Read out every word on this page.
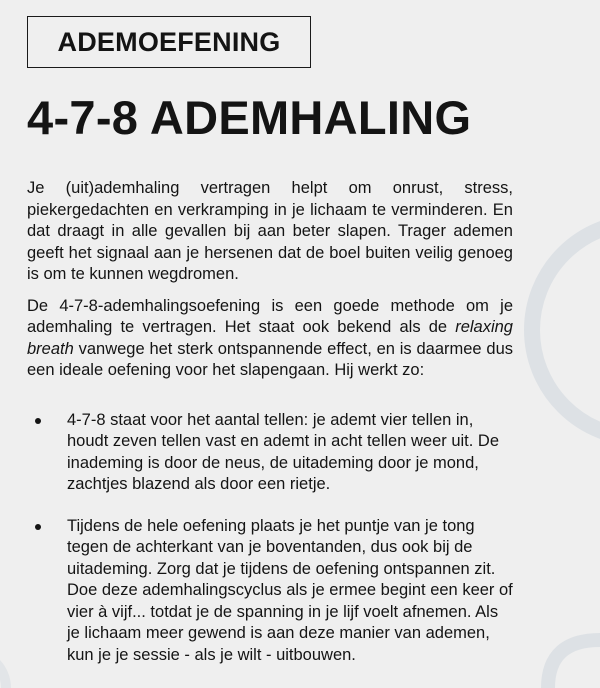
ADEMOEFENING
4-7-8 ADEMHALING

Je (uit)ademhaling vertragen helpt om onrust, stress, piekergedachten en verkramping in je lichaam te verminderen. En dat draagt in alle gevallen bij aan beter slapen. Trager ademen geeft het signaal aan je hersenen dat de boel buiten veilig genoeg is om te kunnen wegdromen.

De 4-7-8-ademhalingsoefening is een goede methode om je ademhaling te vertragen. Het staat ook bekend als de relaxing breath vanwege het sterk ontspannende effect, en is daarmee dus een ideale oefening voor het slapengaan. Hij werkt zo:

4-7-8 staat voor het aantal tellen: je ademt vier tellen in, houdt zeven tellen vast en ademt in acht tellen weer uit. De inademing is door de neus, de uitademing door je mond, zachtjes blazend als door een rietje.
Tijdens de hele oefening plaats je het puntje van je tong tegen de achterkant van je boventanden, dus ook bij de uitademing. Zorg dat je tijdens de oefening ontspannen zit. Doe deze ademhalingscyclus als je ermee begint een keer of vier à vijf... totdat je de spanning in je lijf voelt afnemen. Als je lichaam meer gewend is aan deze manier van ademen, kun je je sessie - als je wilt - uitbouwen.
